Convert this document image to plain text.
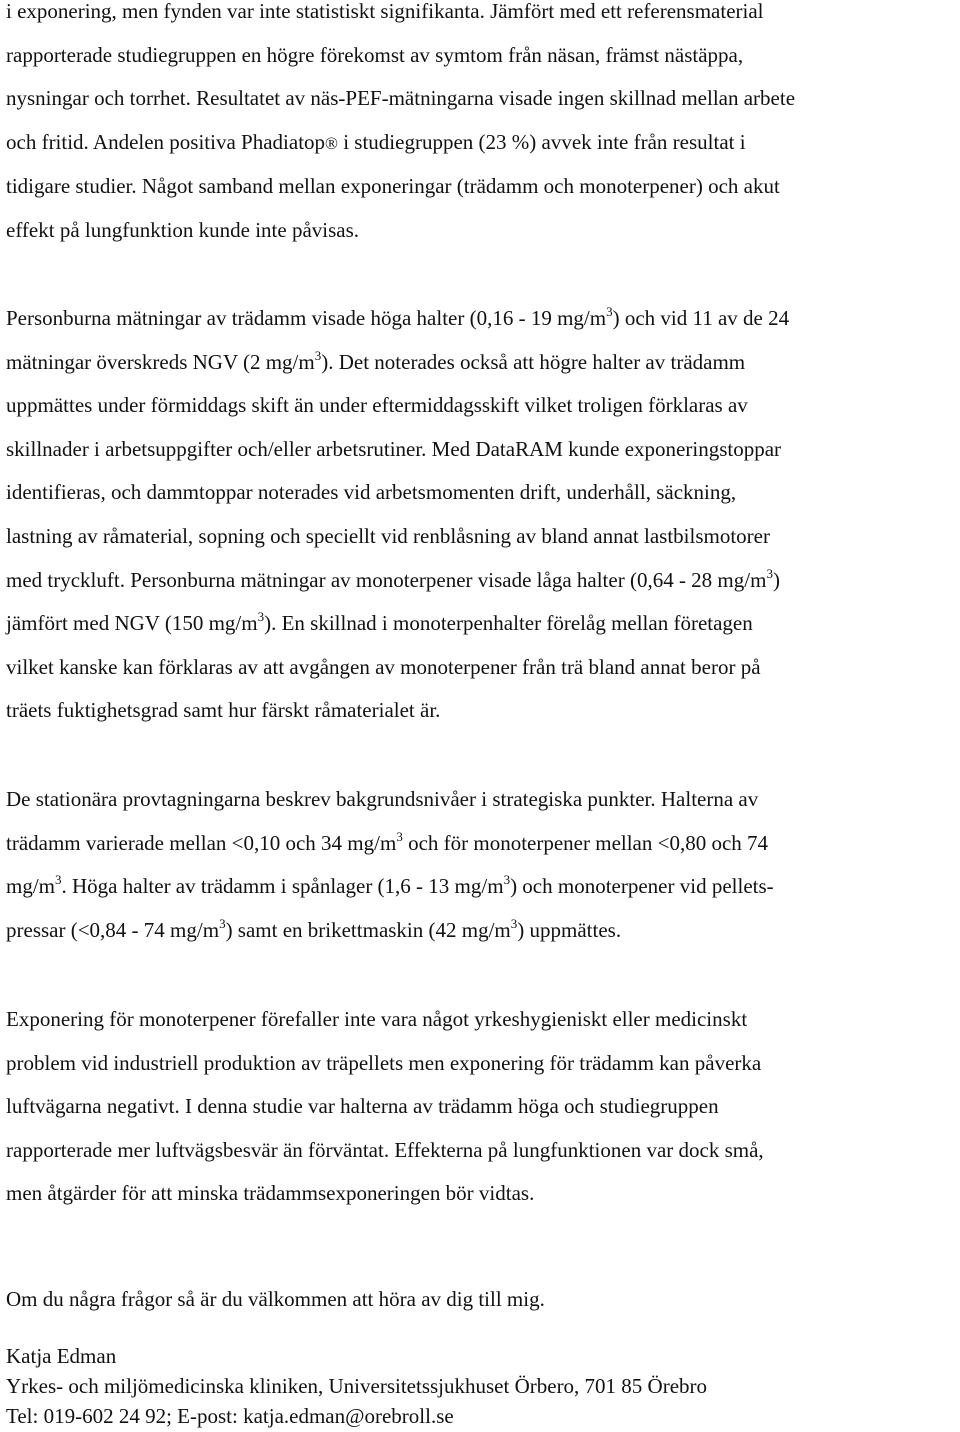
i exponering, men fynden var inte statistiskt signifikanta. Jämfört med ett referensmaterial
rapporterade studiegruppen en högre förekomst av symtom från näsan, främst nästäppa,
nysningar och torrhet. Resultatet av näs-PEF-mätningarna visade ingen skillnad mellan arbete
och fritid. Andelen positiva Phadiatop® i studiegruppen (23 %) avvek inte från resultat i
tidigare studier. Något samband mellan exponeringar (trädamm och monoterpener) och akut
effekt på lungfunktion kunde inte påvisas.
Personburna mätningar av trädamm visade höga halter (0,16 - 19 $mg/m^3$) och vid 11 av de 24
mätningar överskreds NGV (2 $mg/m^3$). Det noterades också att högre halter av trädamm
uppmättes under förmiddags skift än under eftermiddagsskift vilket troligen förklaras av
skillnader i arbetsuppgifter och/eller arbetsrutiner. Med DataRAM kunde exponeringstoppar
identifieras, och dammtoppar noterades vid arbetsmomenten drift, underhåll, säckning,
lastning av råmaterial, sopning och speciellt vid renblåsning av bland annat lastbilsmotorer
med tryckluft. Personburna mätningar av monoterpener visade låga halter (0,64 - 28 $mg/m^3$)
jämfört med NGV (150 $mg/m^3$). En skillnad i monoterpenhalter förelåg mellan företagen
vilket kanske kan förklaras av att avgången av monoterpener från trä bland annat beror på
träets fuktighetsgrad samt hur färskt råmaterialet är.
De stationära provtagningarna beskrev bakgrundsnivåer i strategiska punkter. Halterna av
trädamm varierade mellan <0,10 och 34 $mg/m^3$ och för monoterpener mellan <0,80 och 74
$mg/m^3$. Höga halter av trädamm i spånlager (1,6 - 13 $mg/m^3$) och monoterpener vid pellets-
pressar (<0,84 - 74 $mg/m^3$) samt en brikettmaskin (42 $mg/m^3$) uppmättes.
Exponering för monoterpener förefaller inte vara något yrkeshygieniskt eller medicinskt
problem vid industriell produktion av träpellets men exponering för trädamm kan påverka
luftvägarna negativt. I denna studie var halterna av trädamm höga och studiegruppen
rapporterade mer luftvägsbesvär än förväntat. Effekterna på lungfunktionen var dock små,
men åtgärder för att minska trädammsexponeringen bör vidtas.
Om du några frågor så är du välkommen att höra av dig till mig.
Katja Edman
Yrkes- och miljömedicinska kliniken, Universitetssjukhuset Örbero, 701 85 Örebro
Tel: 019-602 24 92; E-post: katja.edman@orebroll.se
